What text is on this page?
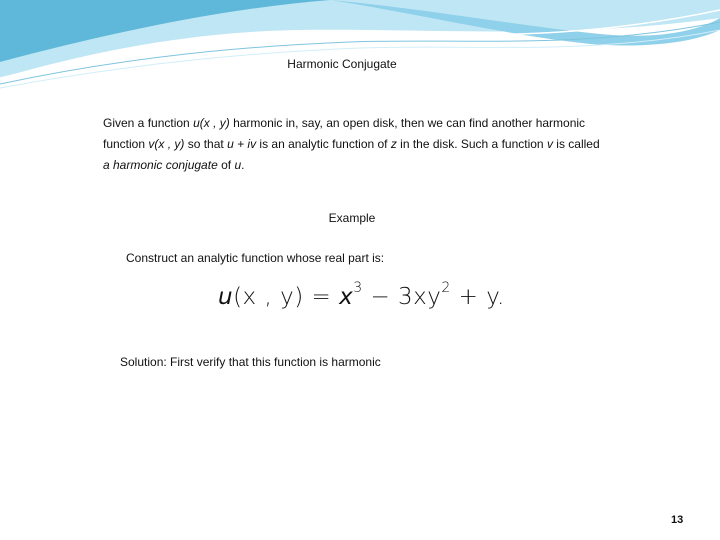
Harmonic Conjugate
Given a function u(x , y) harmonic in, say, an open disk, then we can find another harmonic
function v(x , y) so that u + iv is an analytic function of z in the disk. Such a function v is called
a harmonic conjugate of u.
Example
Construct an analytic function whose real part is:
u(x , $y) = x^3 - 3xy^2 + y$.
Solution: First verify that this function is harmonic
13
